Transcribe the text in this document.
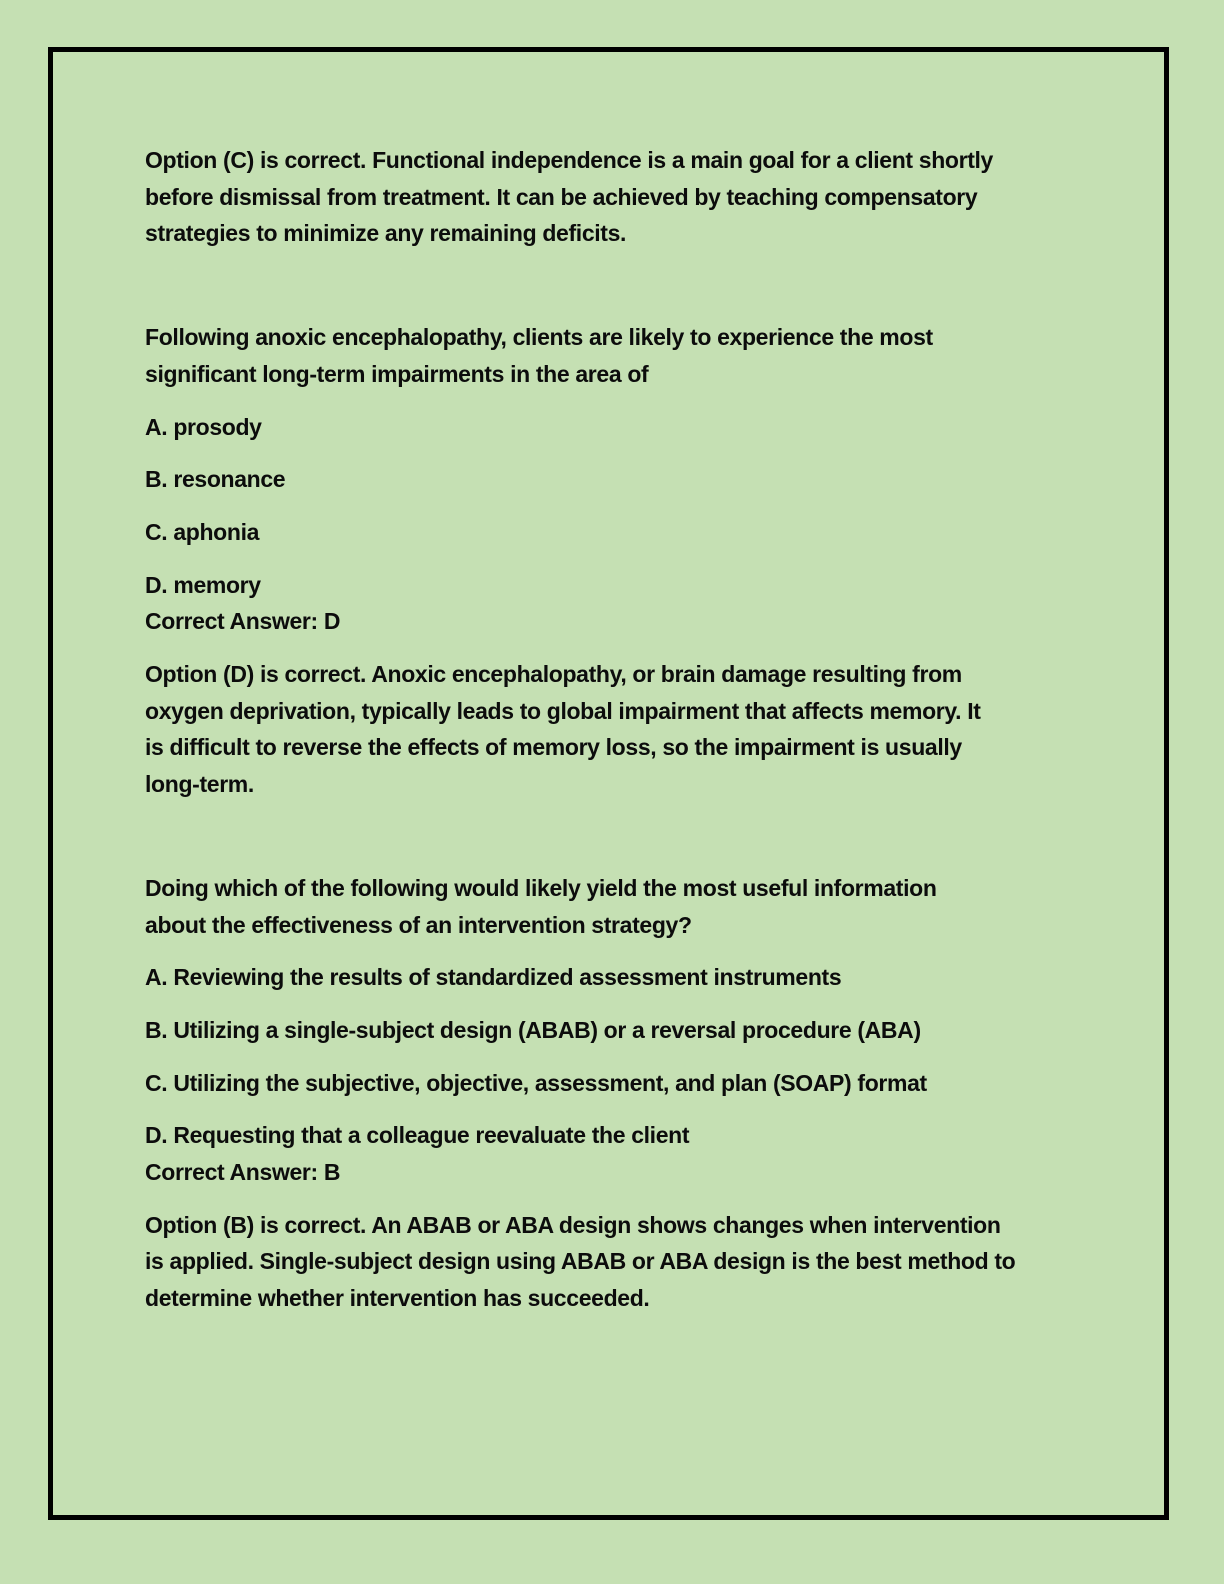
Option (C) is correct. Functional independence is a main goal for a client shortly
before dismissal from treatment. It can be achieved by teaching compensatory
strategies to minimize any remaining deficits.

Following anoxic encephalopathy, clients are likely to experience the most
significant long-term impairments in the area of

A. prosody

B. resonance

C. aphonia

D. memory

Correct Answer: D

Option (D) is correct. Anoxic encephalopathy, or brain damage resulting from
oxygen deprivation, typically leads to global impairment that affects memory. It
is difficult to reverse the effects of memory loss, so the impairment is usually
long-term.

Doing which of the following would likely yield the most useful information
about the effectiveness of an intervention strategy?

A. Reviewing the results of standardized assessment instruments

B. Utilizing a single-subject design (ABAB) or a reversal procedure (ABA)

C. Utilizing the subjective, objective, assessment, and plan (SOAP) format

D. Requesting that a colleague reevaluate the client

Correct Answer: B

Option (B) is correct. An ABAB or ABA design shows changes when intervention
is applied. Single-subject design using ABAB or ABA design is the best method to
determine whether intervention has succeeded.
